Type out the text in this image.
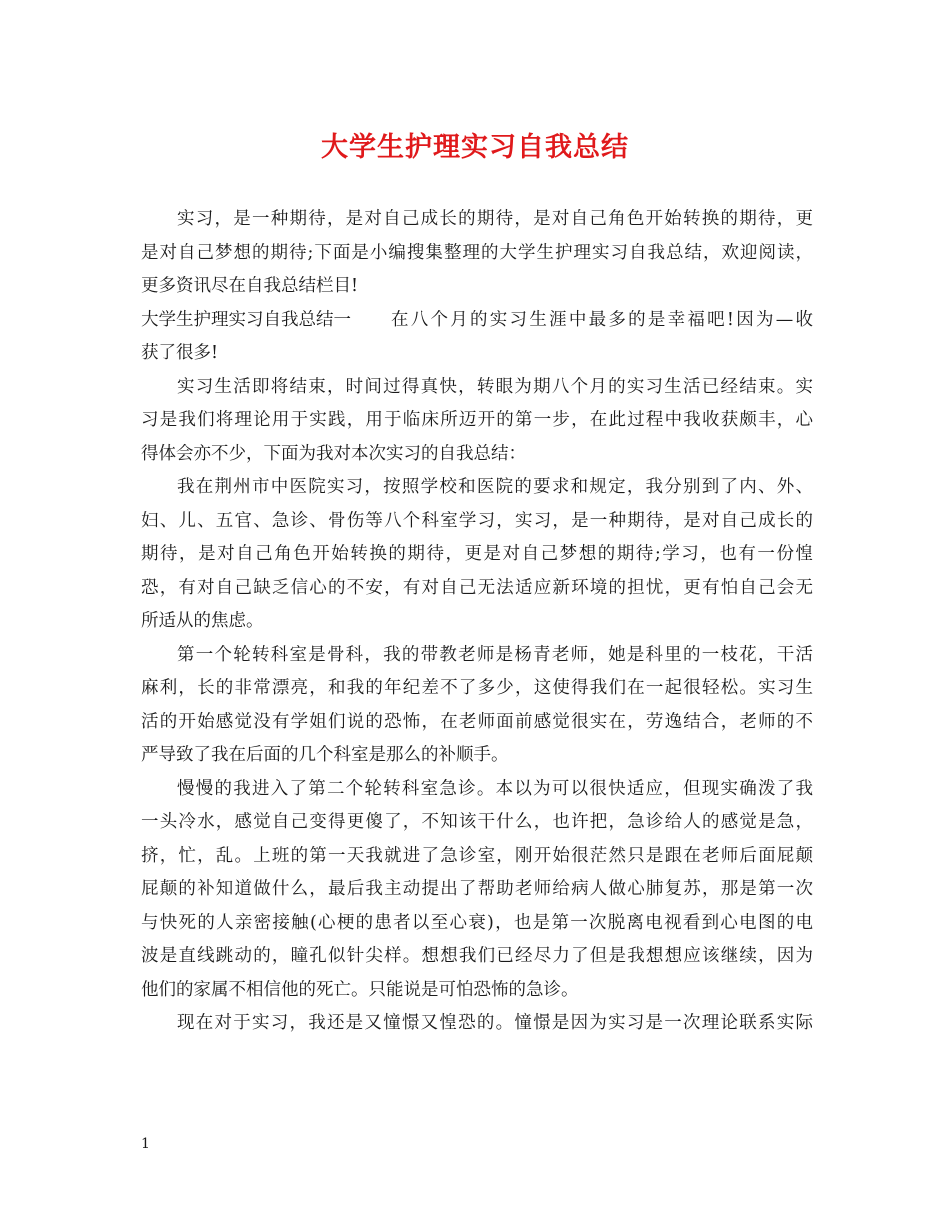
大学生护理实习自我总结
实习，是一种期待，是对自己成长的期待，是对自己角色开始转换的期待，更
是对自己梦想的期待;下面是小编搜集整理的大学生护理实习自我总结，欢迎阅读，
更多资讯尽在自我总结栏目!
大学生护理实习自我总结一 在八个月的实习生涯中最多的是幸福吧!因为—收
获了很多!
实习生活即将结束，时间过得真快，转眼为期八个月的实习生活已经结束。实
习是我们将理论用于实践，用于临床所迈开的第一步，在此过程中我收获颇丰，心
得体会亦不少，下面为我对本次实习的自我总结：
我在荆州市中医院实习，按照学校和医院的要求和规定，我分别到了内、外、
妇、儿、五官、急诊、骨伤等八个科室学习，实习，是一种期待，是对自己成长的
期待，是对自己角色开始转换的期待，更是对自己梦想的期待;学习，也有一份惶
恐，有对自己缺乏信心的不安，有对自己无法适应新环境的担忧，更有怕自己会无
所适从的焦虑。
第一个轮转科室是骨科，我的带教老师是杨青老师，她是科里的一枝花，干活
麻利，长的非常漂亮，和我的年纪差不了多少，这使得我们在一起很轻松。实习生
活的开始感觉没有学姐们说的恐怖，在老师面前感觉很实在，劳逸结合，老师的不
严导致了我在后面的几个科室是那么的补顺手。
慢慢的我进入了第二个轮转科室急诊。本以为可以很快适应，但现实确泼了我
一头冷水，感觉自己变得更傻了，不知该干什么，也许把，急诊给人的感觉是急，
挤，忙，乱。上班的第一天我就进了急诊室，刚开始很茫然只是跟在老师后面屁颠
屁颠的补知道做什么，最后我主动提出了帮助老师给病人做心肺复苏，那是第一次
与快死的人亲密接触(心梗的患者以至心衰)，也是第一次脱离电视看到心电图的电
波是直线跳动的，瞳孔似针尖样。想想我们已经尽力了但是我想想应该继续，因为
他们的家属不相信他的死亡。只能说是可怕恐怖的急诊。
现在对于实习，我还是又憧憬又惶恐的。憧憬是因为实习是一次理论联系实际
1
